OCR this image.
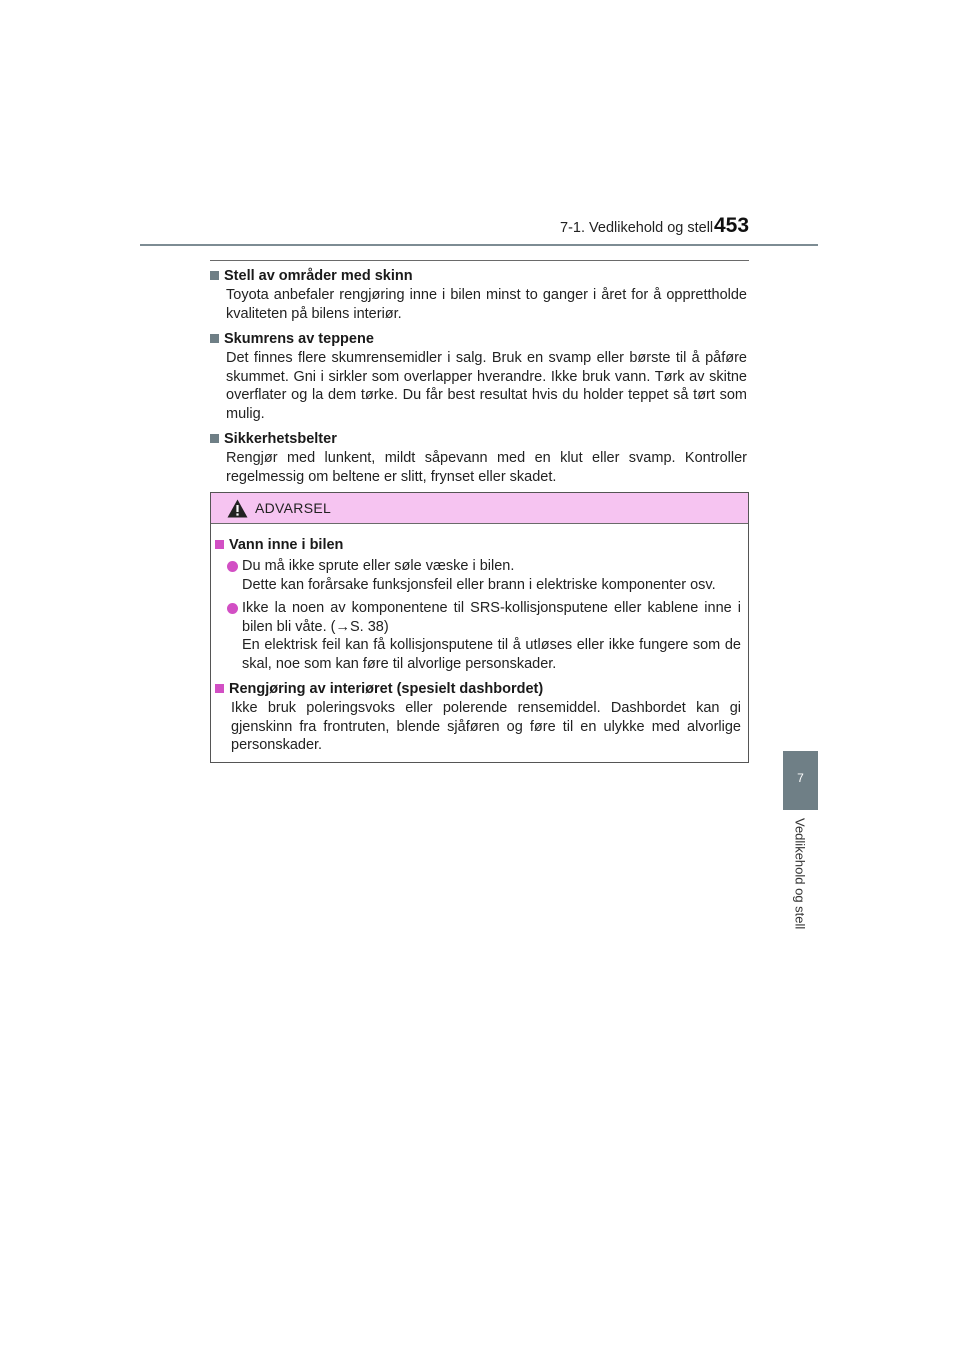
7-1. Vedlikehold og stell 453
7
Vedlikehold og stell
Stell av områder med skinn
Toyota anbefaler rengjøring inne i bilen minst to ganger i året for å opprettholde kvaliteten på bilens interiør.
Skumrens av teppene
Det finnes flere skumrensemidler i salg. Bruk en svamp eller børste til å påføre skummet. Gni i sirkler som overlapper hverandre. Ikke bruk vann. Tørk av skitne overflater og la dem tørke. Du får best resultat hvis du holder teppet så tørt som mulig.
Sikkerhetsbelter
Rengjør med lunkent, mildt såpevann med en klut eller svamp. Kontroller regelmessig om beltene er slitt, frynset eller skadet.
ADVARSEL
Vann inne i bilen
Du må ikke sprute eller søle væske i bilen.
Dette kan forårsake funksjonsfeil eller brann i elektriske komponenter osv.
Ikke la noen av komponentene til SRS-kollisjonsputene eller kablene inne i bilen bli våte. (→S. 38)
En elektrisk feil kan få kollisjonsputene til å utløses eller ikke fungere som de skal, noe som kan føre til alvorlige personskader.
Rengjøring av interiøret (spesielt dashbordet)
Ikke bruk poleringsvoks eller polerende rensemiddel. Dashbordet kan gi gjenskinn fra frontruten, blende sjåføren og føre til en ulykke med alvorlige personskader.
